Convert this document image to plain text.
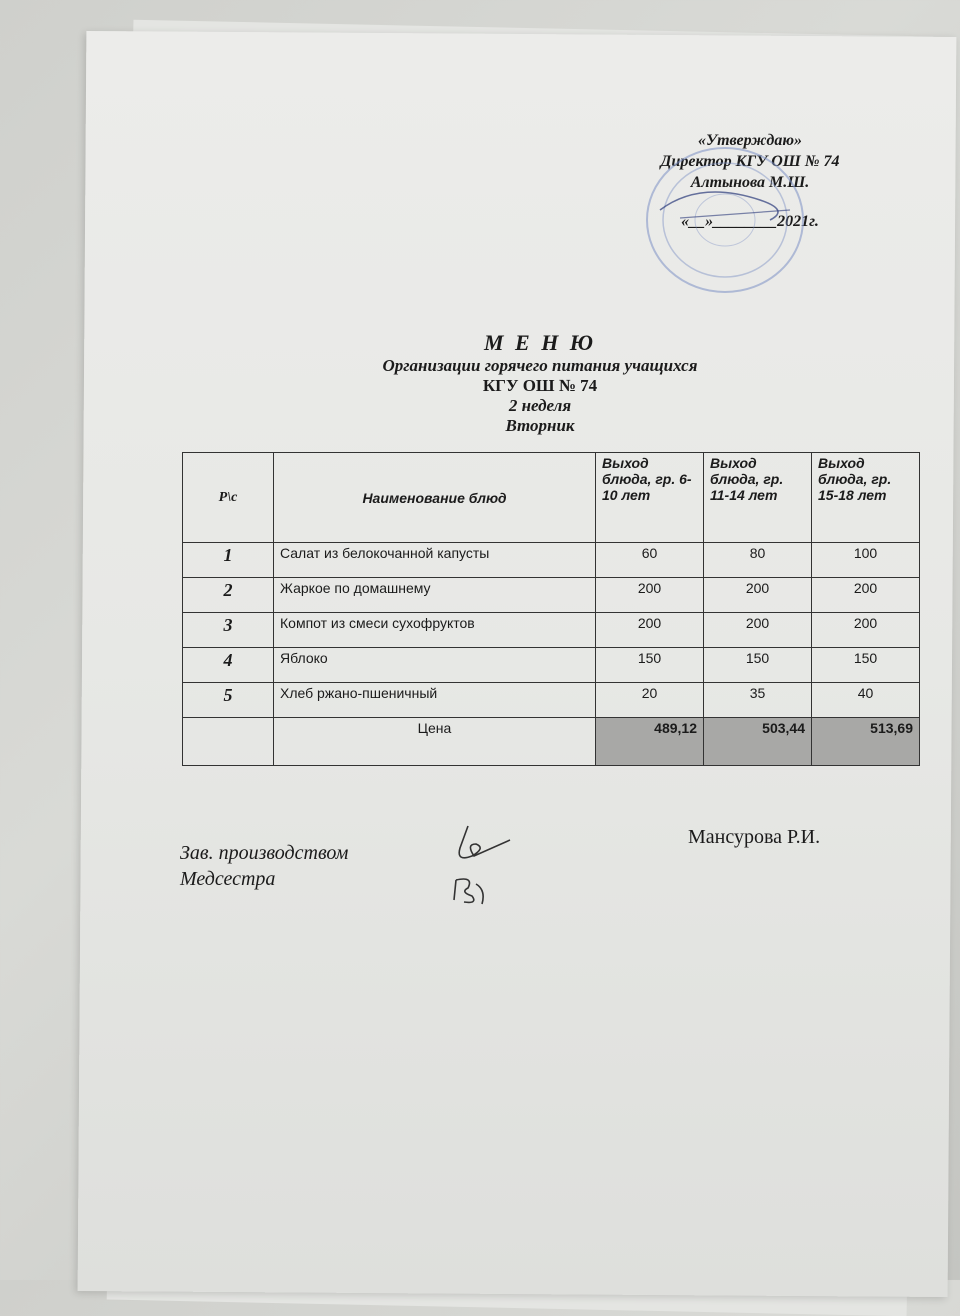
«Утверждаю»
Директор КГУ ОШ № 74
Алтынова М.Ш.
«__»________2021г.
М Е Н Ю
Организации горячего питания учащихся
КГУ ОШ № 74
2 неделя
Вторник
Р\с	Наименование блюд	Выход блюда, гр. 6-10 лет	Выход блюда, гр. 11-14 лет	Выход блюда, гр. 15-18 лет
1	Салат из белокочанной капусты	60	80	100
2	Жаркое по домашнему	200	200	200
3	Компот из смеси сухофруктов	200	200	200
4	Яблоко	150	150	150
5	Хлеб ржано-пшеничный	20	35	40
	Цена	489,12	503,44	513,69
Зав. производством
Медсестра
Мансурова Р.И.
